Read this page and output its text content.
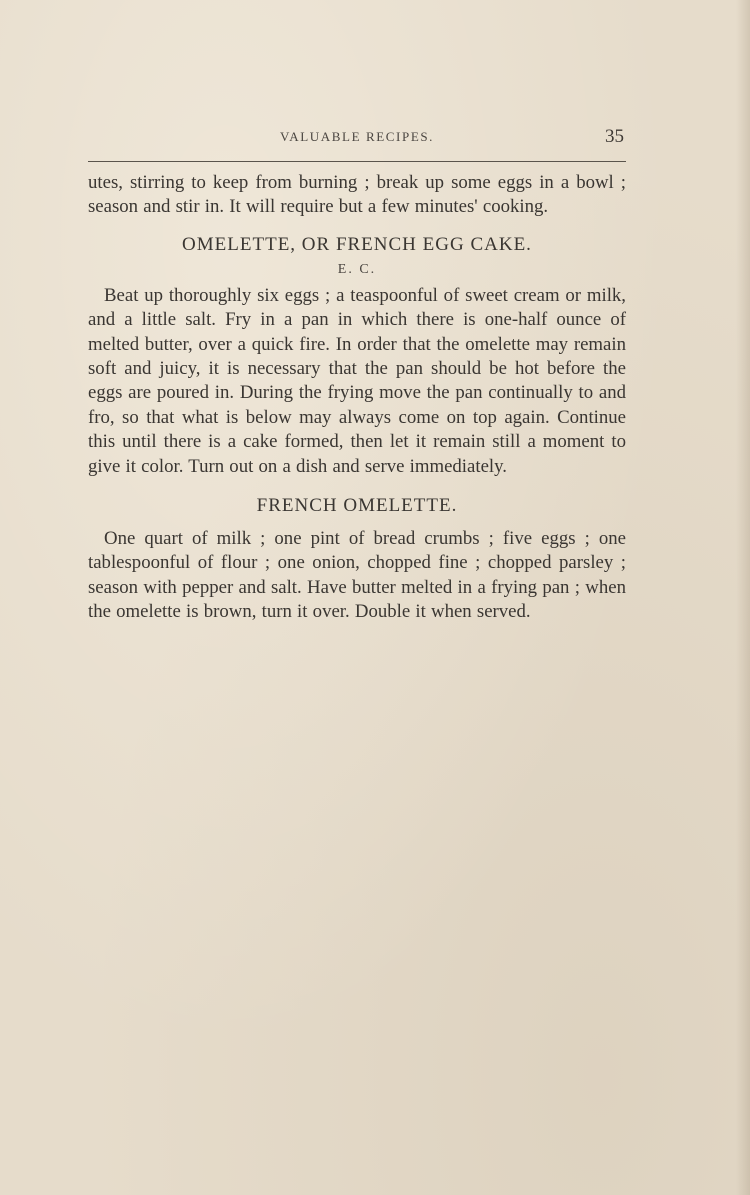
VALUABLE RECIPES.	35

utes, stirring to keep from burning ; break up some eggs in a bowl ; season and stir in. It will require but a few minutes' cooking.

OMELETTE, OR FRENCH EGG CAKE.
E. C.

Beat up thoroughly six eggs ; a teaspoonful of sweet cream or milk, and a little salt. Fry in a pan in which there is one-half ounce of melted butter, over a quick fire. In order that the omelette may remain soft and juicy, it is necessary that the pan should be hot before the eggs are poured in. During the frying move the pan continually to and fro, so that what is below may always come on top again. Continue this until there is a cake formed, then let it remain still a moment to give it color. Turn out on a dish and serve immediately.

FRENCH OMELETTE.

One quart of milk ; one pint of bread crumbs ; five eggs ; one tablespoonful of flour ; one onion, chopped fine ; chopped parsley ; season with pepper and salt. Have butter melted in a frying pan ; when the omelette is brown, turn it over. Double it when served.
